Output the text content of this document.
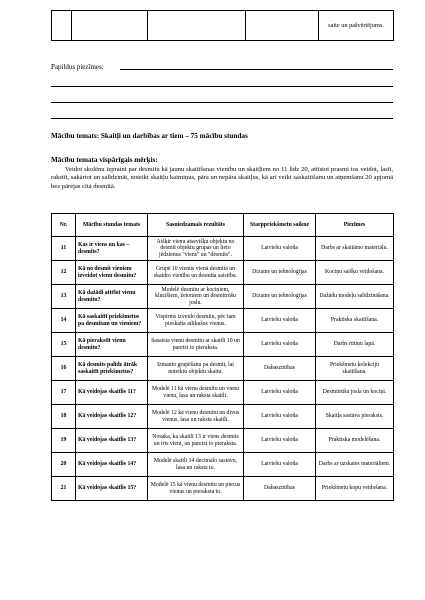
				saite un pašvērtējums.
Papildus piezīmes:
Mācību temats: Skaitļi un darbības ar tiem – 75 mācību stundas
Mācību temata vispārīgais mērķis:

Veidot skolēnu izpratni par desmitu kā jaunu skaitīšanas vienību un skaitļiem no 11 līdz 20, attīstot prasmi tos veidot, lasīt, rakstīt, sakārtot un salīdzināt, noteikt skaitļu kaimiņus, pāra un nepāra skaitļus, kā arī veikt saskaitīšanu un atņemšanu 20 apjomā bez pārejas citā desmitā.

Nr.	Mācību stundas temats	Sasniedzamais rezultāts	Starppriekšmetu saikne	Piezīmes
11	Kas ir viens un kas – desmits?	Atšķir vienu atsevišķu objektu no desmit objektu grupas un lieto jēdzienus "viens" un "desmits".	Latviešu valoda	Darbs ar skaitāmo materiālu.
12	Kā no desmit vieniem izveidot vienu desmitu?	Grupē 10 vienus vienā desmitā un skaidro vienību un desmita saistību.	Dizains un tehnoloģijas	Kociņu saišķu veidošana.
13	Kā dažādi attēlot vienu desmitu?	Modelē desmitu ar kociņiem, klucīšiem, žetoniem un desmitrūšu joslu.	Dizains un tehnoloģijas	Dažādu modeļu salīdzināšana.
14	Kā saskaitīt priekšmetus pa desmitam un vieniem?	Vispirms izveido desmitu, pēc tam pieskaita atlikušos vienus.	Latviešu valoda	Praktiska skaitīšana.
15	Kā pierakstīt vienu desmitu?	Sasaista vienu desmitu ar skaitli 10 un pareizi to pieraksta.	Latviešu valoda	Darbs rūtiņu lapā.
16	Kā desmits palīdz ātrāk saskaitīt priekšmetus?	Izmanto grupēšanu pa desmit, lai noteiktu objektu skaitu.	Dabaszinības	Priekšmetu kolekciju skaitīšana.
17	Kā veidojas skaitlis 11?	Modelē 11 kā vienu desmitu un vienu vienu, lasa un raksta skaitli.	Latviešu valoda	Desmitrūšu josla un kociņi.
18	Kā veidojas skaitlis 12?	Modelē 12 kā vienu desmitu un divus vienus, lasa un raksta skaitli.	Latviešu valoda	Skaitļa sastāva pieraksts.
19	Kā veidojas skaitlis 13?	Nosaka, ka skaitlī 13 ir viens desmits un trīs vieni, un pareizi to pieraksta.	Latviešu valoda	Praktiska modelēšana.
20	Kā veidojas skaitlis 14?	Modelē skaitli 14 decimālo sastāvu, lasa un raksta to.	Latviešu valoda	Darbs ar uzskates materiāliem.
21	Kā veidojas skaitlis 15?	Modelē 15 kā vienu desmitu un piecus vienus un pieraksta to.	Dabaszinības	Priekšmetu kopu veidošana.
